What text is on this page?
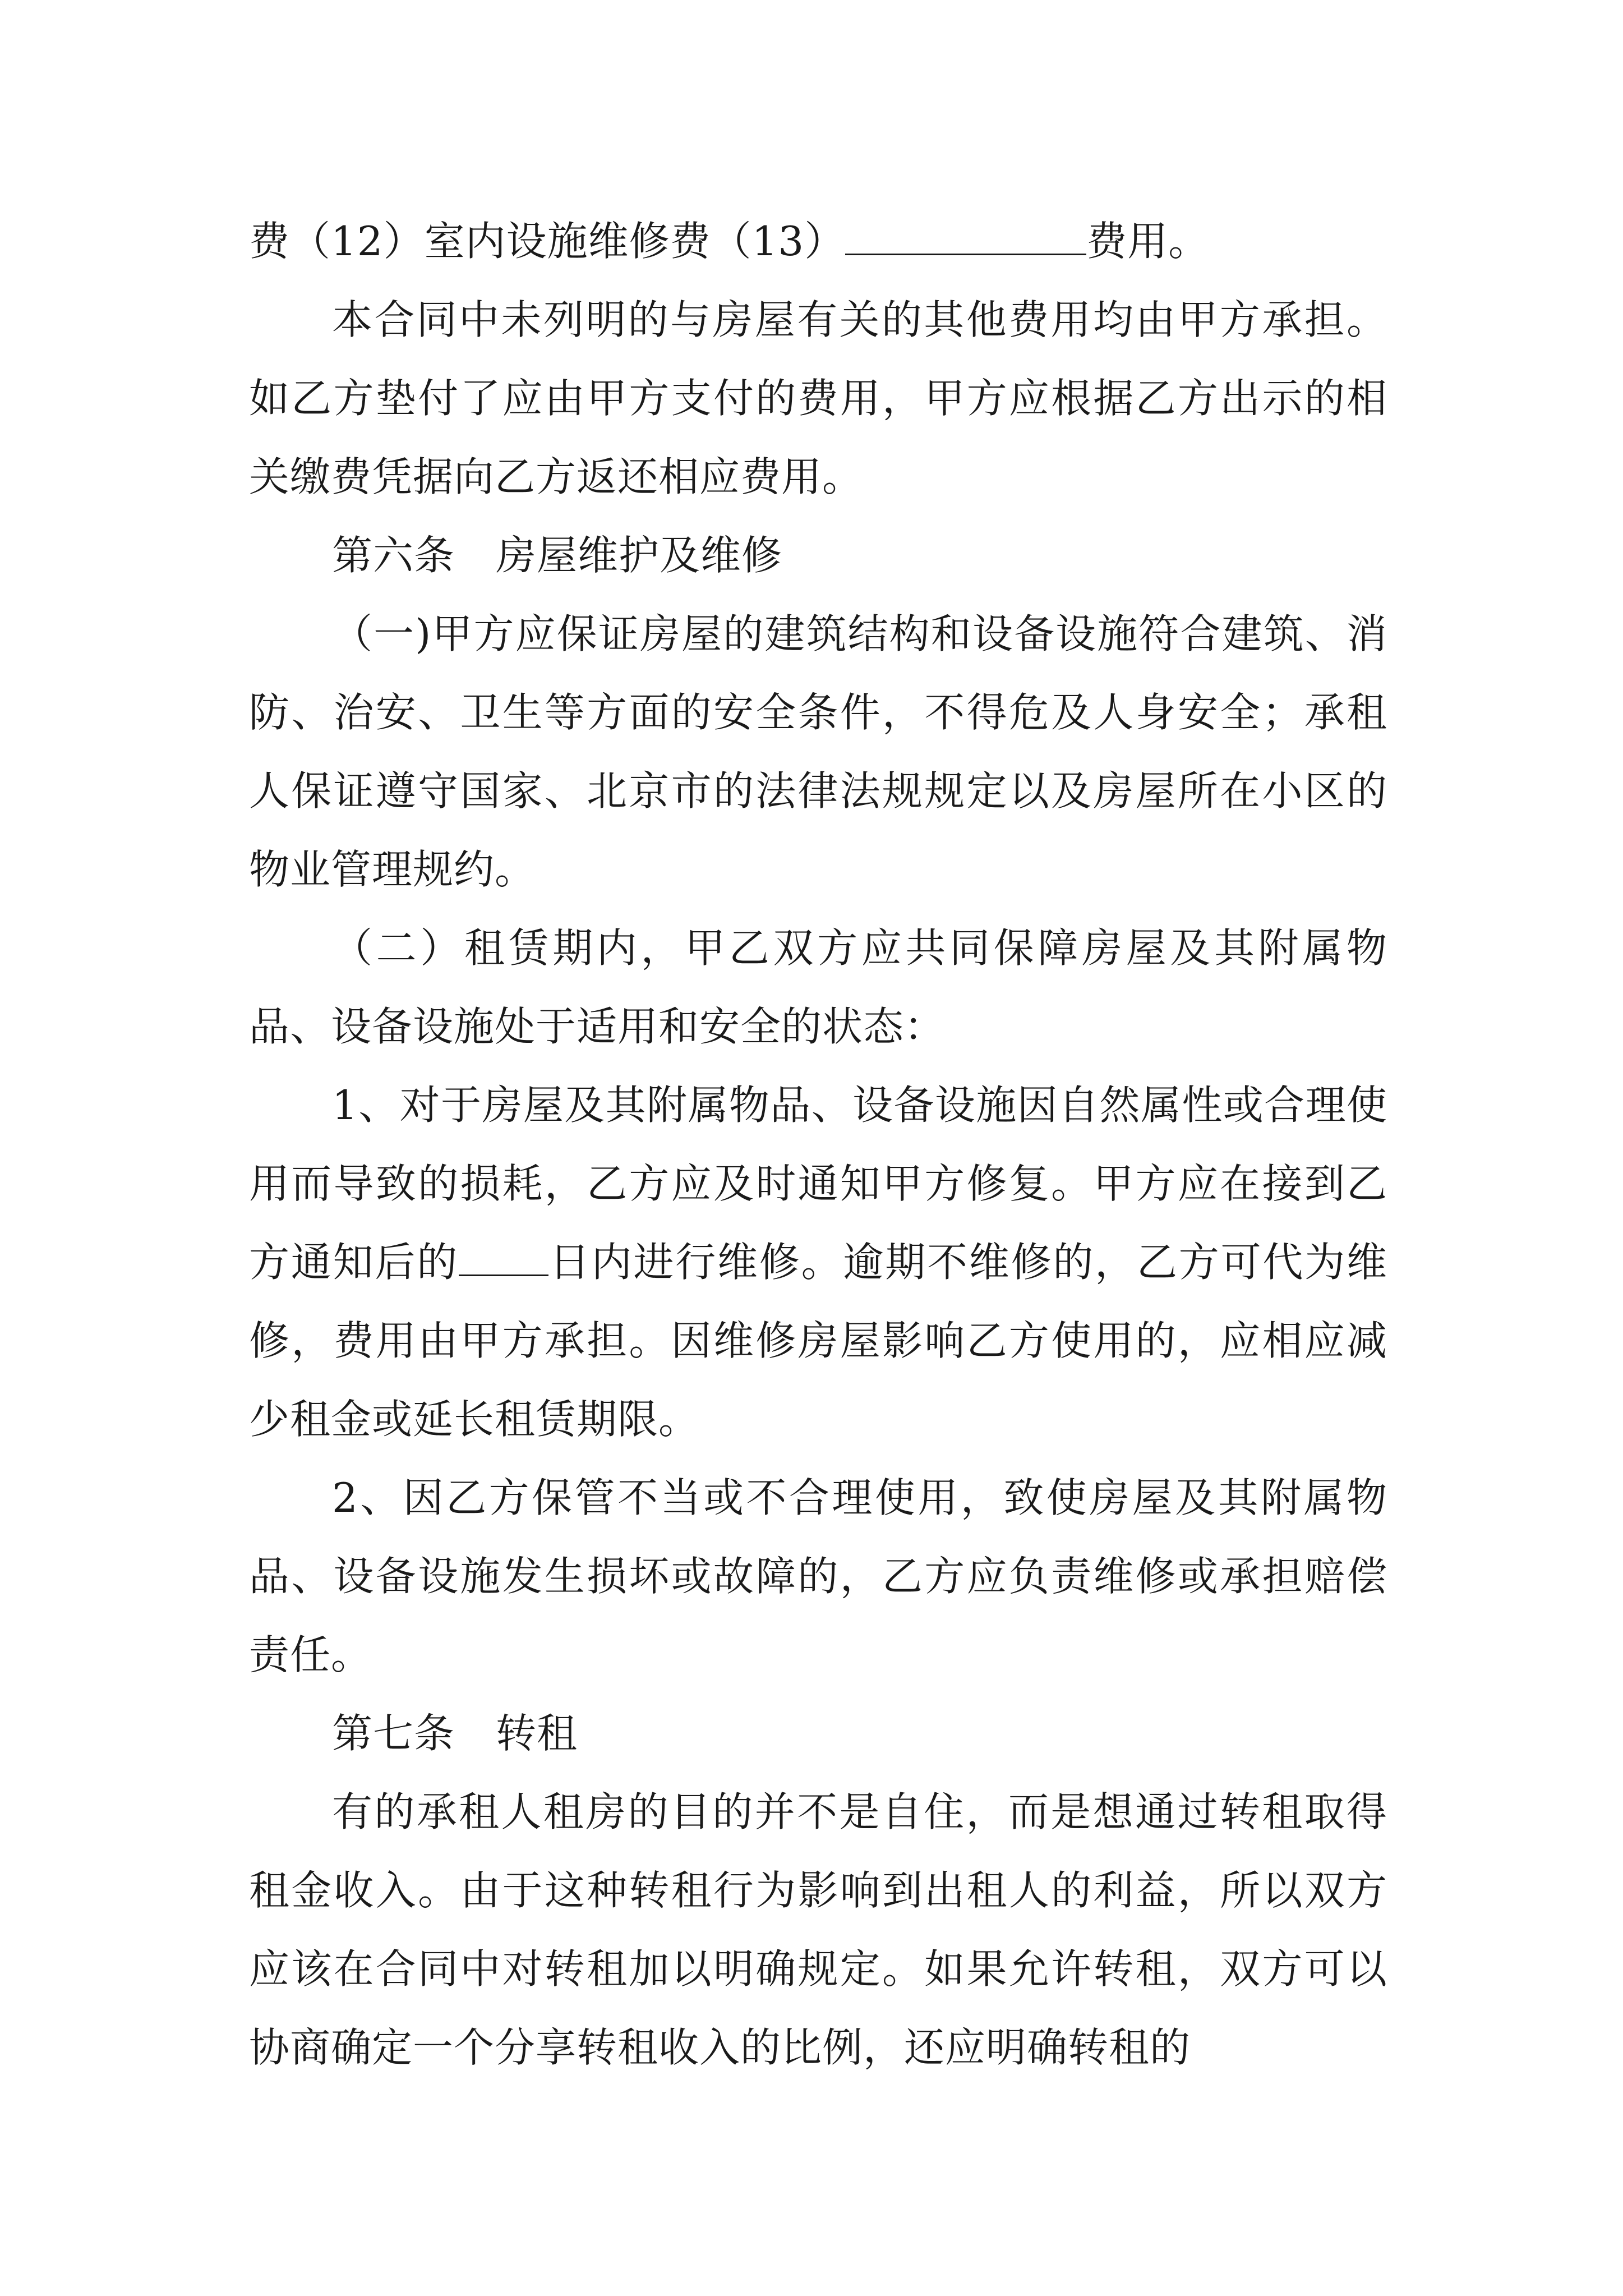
费（12）室内设施维修费（13）	费用。

本合同中未列明的与房屋有关的其他费用均由甲方承担。如乙方垫付了应由甲方支付的费用，甲方应根据乙方出示的相关缴费凭据向乙方返还相应费用。

第六条　房屋维护及维修

（一)甲方应保证房屋的建筑结构和设备设施符合建筑、消防、治安、卫生等方面的安全条件，不得危及人身安全；承租人保证遵守国家、北京市的法律法规规定以及房屋所在小区的物业管理规约。

（二）租赁期内，甲乙双方应共同保障房屋及其附属物品、设备设施处于适用和安全的状态：

1、对于房屋及其附属物品、设备设施因自然属性或合理使用而导致的损耗，乙方应及时通知甲方修复。甲方应在接到乙方通知后的 日内进行维修。逾期不维修的，乙方可代为维修，费用由甲方承担。因维修房屋影响乙方使用的，应相应减少租金或延长租赁期限。

2、因乙方保管不当或不合理使用，致使房屋及其附属物品、设备设施发生损坏或故障的，乙方应负责维修或承担赔偿责任。

第七条　转租

有的承租人租房的目的并不是自住，而是想通过转租取得租金收入。由于这种转租行为影响到出租人的利益，所以双方应该在合同中对转租加以明确规定。如果允许转租，双方可以协商确定一个分享转租收入的比例，还应明确转租的
